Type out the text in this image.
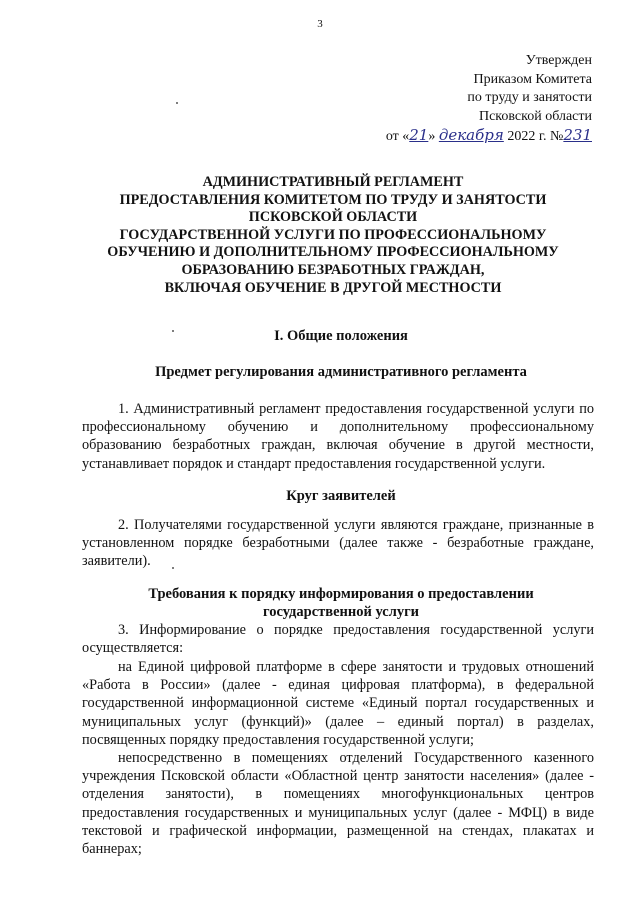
3
Утвержден
Приказом Комитета
по труду и занятости
Псковской области
от «21» декабря 2022 г. №231
АДМИНИСТРАТИВНЫЙ РЕГЛАМЕНТ
ПРЕДОСТАВЛЕНИЯ КОМИТЕТОМ ПО ТРУДУ И ЗАНЯТОСТИ
ПСКОВСКОЙ ОБЛАСТИ
ГОСУДАРСТВЕННОЙ УСЛУГИ ПО ПРОФЕССИОНАЛЬНОМУ
ОБУЧЕНИЮ И ДОПОЛНИТЕЛЬНОМУ ПРОФЕССИОНАЛЬНОМУ
ОБРАЗОВАНИЮ БЕЗРАБОТНЫХ ГРАЖДАН,
ВКЛЮЧАЯ ОБУЧЕНИЕ В ДРУГОЙ МЕСТНОСТИ
I. Общие положения
Предмет регулирования административного регламента
1. Административный регламент предоставления государственной услуги по профессиональному обучению и дополнительному профессиональному образованию безработных граждан, включая обучение в другой местности, устанавливает порядок и стандарт предоставления государственной услуги.
Круг заявителей
2. Получателями государственной услуги являются граждане, признанные в установленном порядке безработными (далее также - безработные граждане, заявители).
Требования к порядку информирования о предоставлении
государственной услуги
3. Информирование о порядке предоставления государственной услуги осуществляется:
на Единой цифровой платформе в сфере занятости и трудовых отношений «Работа в России» (далее - единая цифровая платформа), в федеральной государственной информационной системе «Единый портал государственных и муниципальных услуг (функций)» (далее – единый портал) в разделах, посвященных порядку предоставления государственной услуги;
непосредственно в помещениях отделений Государственного казенного учреждения Псковской области «Областной центр занятости населения» (далее - отделения занятости), в помещениях многофункциональных центров предоставления государственных и муниципальных услуг (далее - МФЦ) в виде текстовой и графической информации, размещенной на стендах, плакатах и баннерах;
